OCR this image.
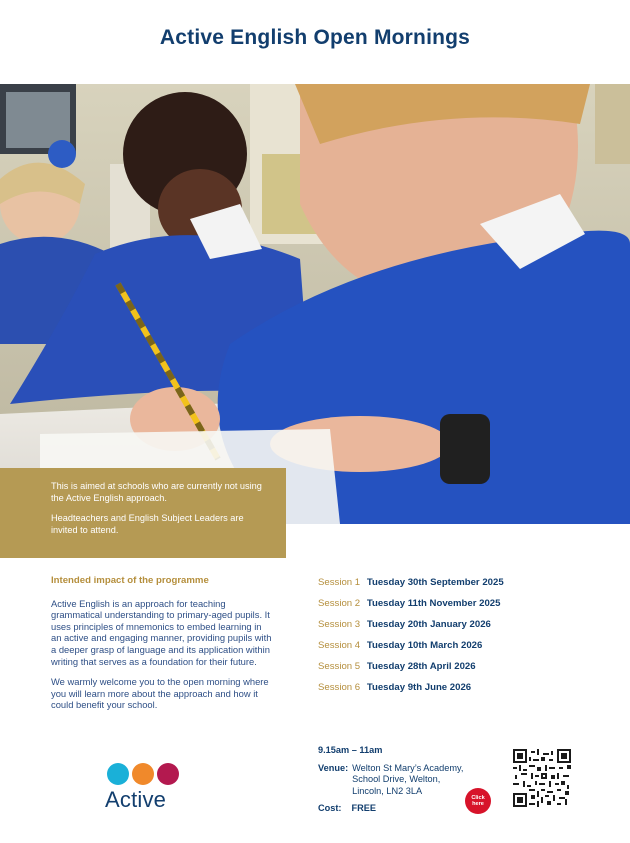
Active English Open Mornings

This is aimed at schools who are currently not using the Active English approach.

Headteachers and English Subject Leaders are invited to attend.

Intended impact of the programme

Active English is an approach for teaching grammatical understanding to primary-aged pupils. It uses principles of mnemonics to embed learning in an active and engaging manner, providing pupils with a deeper grasp of language and its application within writing that serves as a foundation for their future.

We warmly welcome you to the open morning where you will learn more about the approach and how it could benefit your school.

Session 1 Tuesday 30th September 2025
Session 2 Tuesday 11th November 2025
Session 3 Tuesday 20th January 2026
Session 4 Tuesday 10th March 2026
Session 5 Tuesday 28th April 2026
Session 6 Tuesday 9th June 2026
9.15am – 11am
Venue: Welton St Mary’s Academy,
School Drive, Welton,
Lincoln, LN2 3LA
Cost: FREE
Click
here
Active
